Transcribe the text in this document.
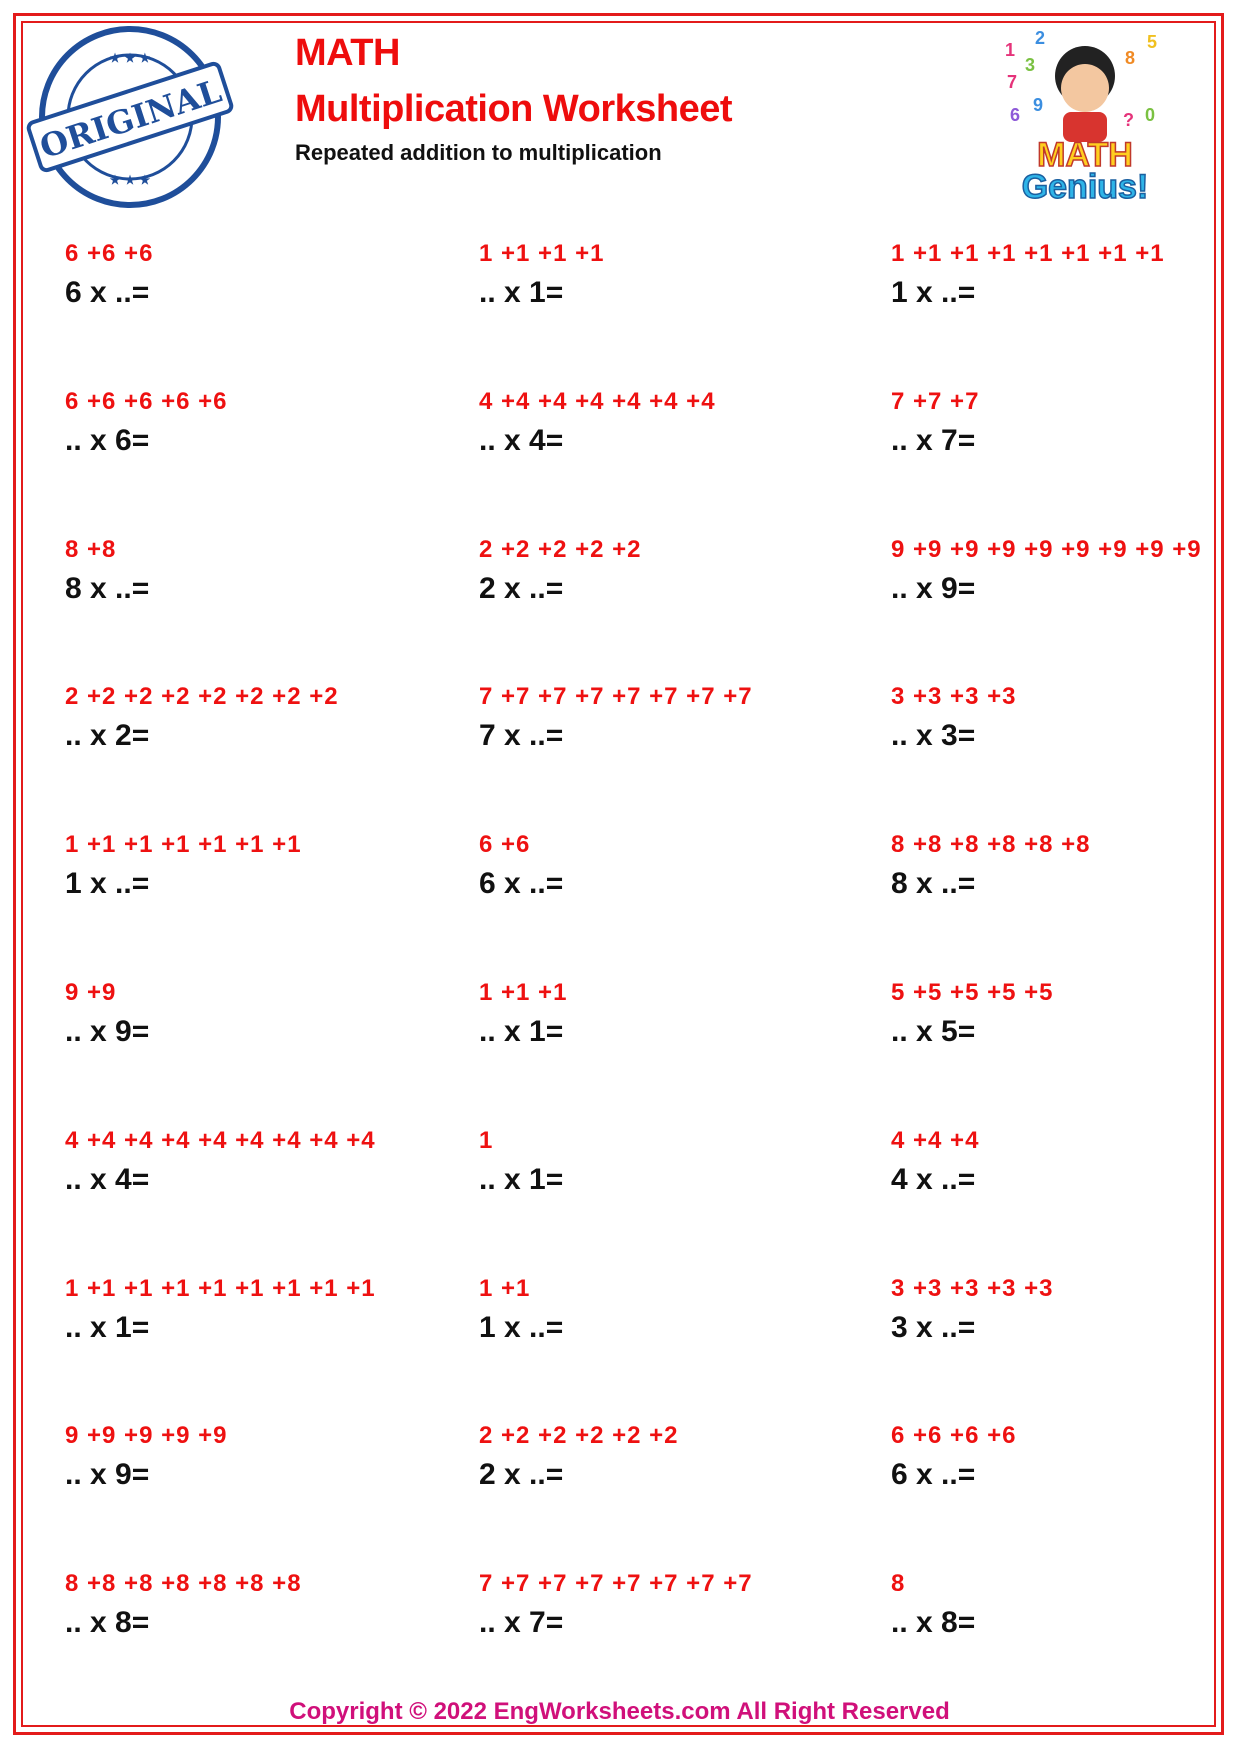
ORIGINAL
★ ★ ★
★ ★ ★
MATH
Multiplication Worksheet
Repeated addition to multiplication
1
2
3
7
6 9
8
5
0
?
MATH
Genius!
6 +6 +6
6 x ..=
1 +1 +1 +1
.. x 1=
1 +1 +1 +1 +1 +1 +1 +1
1 x ..=
6 +6 +6 +6 +6
.. x 6=
4 +4 +4 +4 +4 +4 +4
.. x 4=
7 +7 +7
.. x 7=
8 +8
8 x ..=
2 +2 +2 +2 +2
2 x ..=
9 +9 +9 +9 +9 +9 +9 +9 +9
.. x 9=
2 +2 +2 +2 +2 +2 +2 +2
.. x 2=
7 +7 +7 +7 +7 +7 +7 +7
7 x ..=
3 +3 +3 +3
.. x 3=
1 +1 +1 +1 +1 +1 +1
1 x ..=
6 +6
6 x ..=
8 +8 +8 +8 +8 +8
8 x ..=
9 +9
.. x 9=
1 +1 +1
.. x 1=
5 +5 +5 +5 +5
.. x 5=
4 +4 +4 +4 +4 +4 +4 +4 +4
.. x 4=
1
.. x 1=
4 +4 +4
4 x ..=
1 +1 +1 +1 +1 +1 +1 +1 +1
.. x 1=
1 +1
1 x ..=
3 +3 +3 +3 +3
3 x ..=
9 +9 +9 +9 +9
.. x 9=
2 +2 +2 +2 +2 +2
2 x ..=
6 +6 +6 +6
6 x ..=
8 +8 +8 +8 +8 +8 +8
.. x 8=
7 +7 +7 +7 +7 +7 +7 +7
.. x 7=
8
.. x 8=
Copyright © 2022 EngWorksheets.com All Right Reserved
